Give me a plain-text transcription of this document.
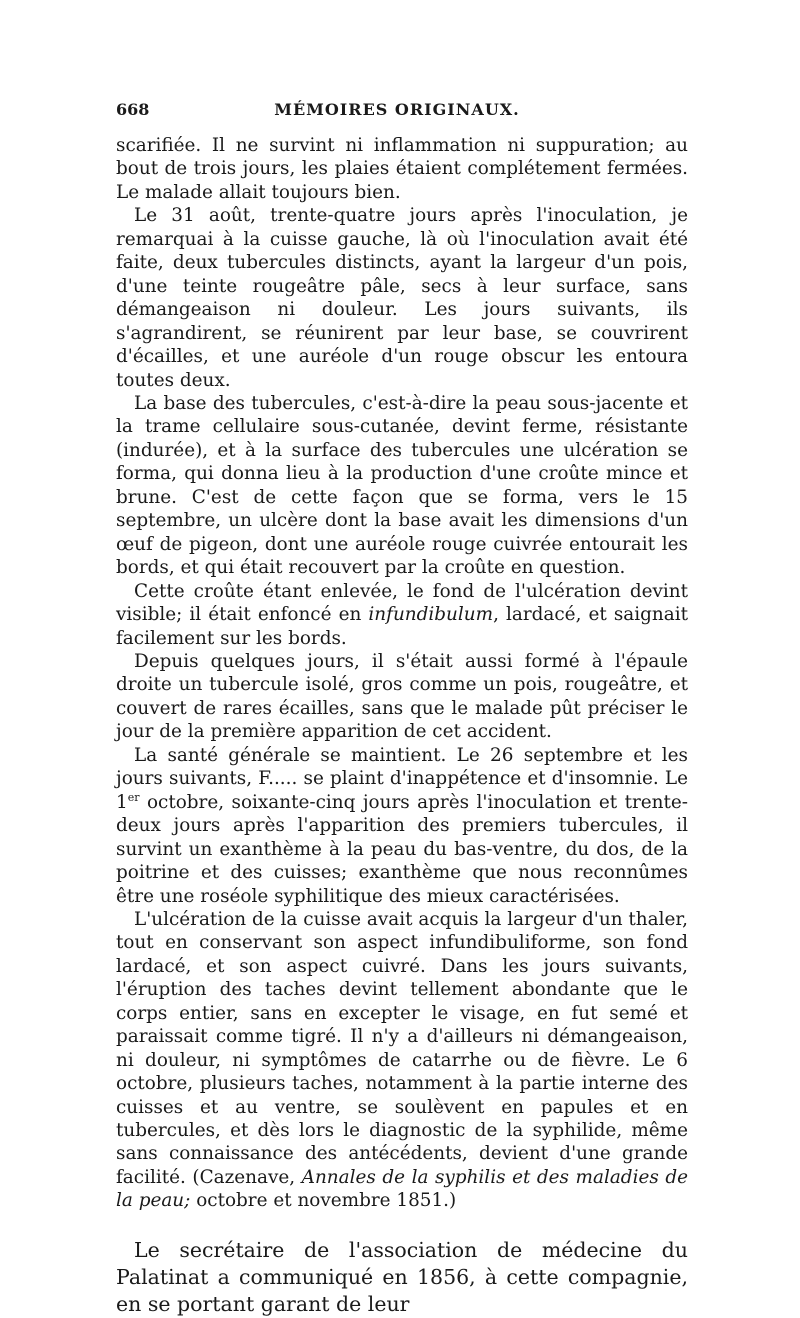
668	MÉMOIRES ORIGINAUX.

scarifiée. Il ne survint ni inflammation ni suppuration; au bout de trois jours, les plaies étaient complétement fermées. Le malade allait toujours bien.

Le 31 août, trente-quatre jours après l'inoculation, je remarquai à la cuisse gauche, là où l'inoculation avait été faite, deux tubercules distincts, ayant la largeur d'un pois, d'une teinte rougeâtre pâle, secs à leur surface, sans démangeaison ni douleur. Les jours suivants, ils s'agrandirent, se réunirent par leur base, se couvrirent d'écailles, et une auréole d'un rouge obscur les entoura toutes deux.

La base des tubercules, c'est-à-dire la peau sous-jacente et la trame cellulaire sous-cutanée, devint ferme, résistante (indurée), et à la surface des tubercules une ulcération se forma, qui donna lieu à la production d'une croûte mince et brune. C'est de cette façon que se forma, vers le 15 septembre, un ulcère dont la base avait les dimensions d'un œuf de pigeon, dont une auréole rouge cuivrée entourait les bords, et qui était recouvert par la croûte en question.

Cette croûte étant enlevée, le fond de l'ulcération devint visible; il était enfoncé en infundibulum, lardacé, et saignait facilement sur les bords.

Depuis quelques jours, il s'était aussi formé à l'épaule droite un tubercule isolé, gros comme un pois, rougeâtre, et couvert de rares écailles, sans que le malade pût préciser le jour de la première apparition de cet accident.

La santé générale se maintient. Le 26 septembre et les jours suivants, F..... se plaint d'inappétence et d'insomnie. Le 1er octobre, soixante-cinq jours après l'inoculation et trente-deux jours après l'apparition des premiers tubercules, il survint un exanthème à la peau du bas-ventre, du dos, de la poitrine et des cuisses; exanthème que nous reconnûmes être une roséole syphilitique des mieux caractérisées.

L'ulcération de la cuisse avait acquis la largeur d'un thaler, tout en conservant son aspect infundibuliforme, son fond lardacé, et son aspect cuivré. Dans les jours suivants, l'éruption des taches devint tellement abondante que le corps entier, sans en excepter le visage, en fut semé et paraissait comme tigré. Il n'y a d'ailleurs ni démangeaison, ni douleur, ni symptômes de catarrhe ou de fièvre. Le 6 octobre, plusieurs taches, notamment à la partie interne des cuisses et au ventre, se soulèvent en papules et en tubercules, et dès lors le diagnostic de la syphilide, même sans connaissance des antécédents, devient d'une grande facilité. (Cazenave, Annales de la syphilis et des maladies de la peau; octobre et novembre 1851.)

Le secrétaire de l'association de médecine du Palatinat a communiqué en 1856, à cette compagnie, en se portant garant de leur
